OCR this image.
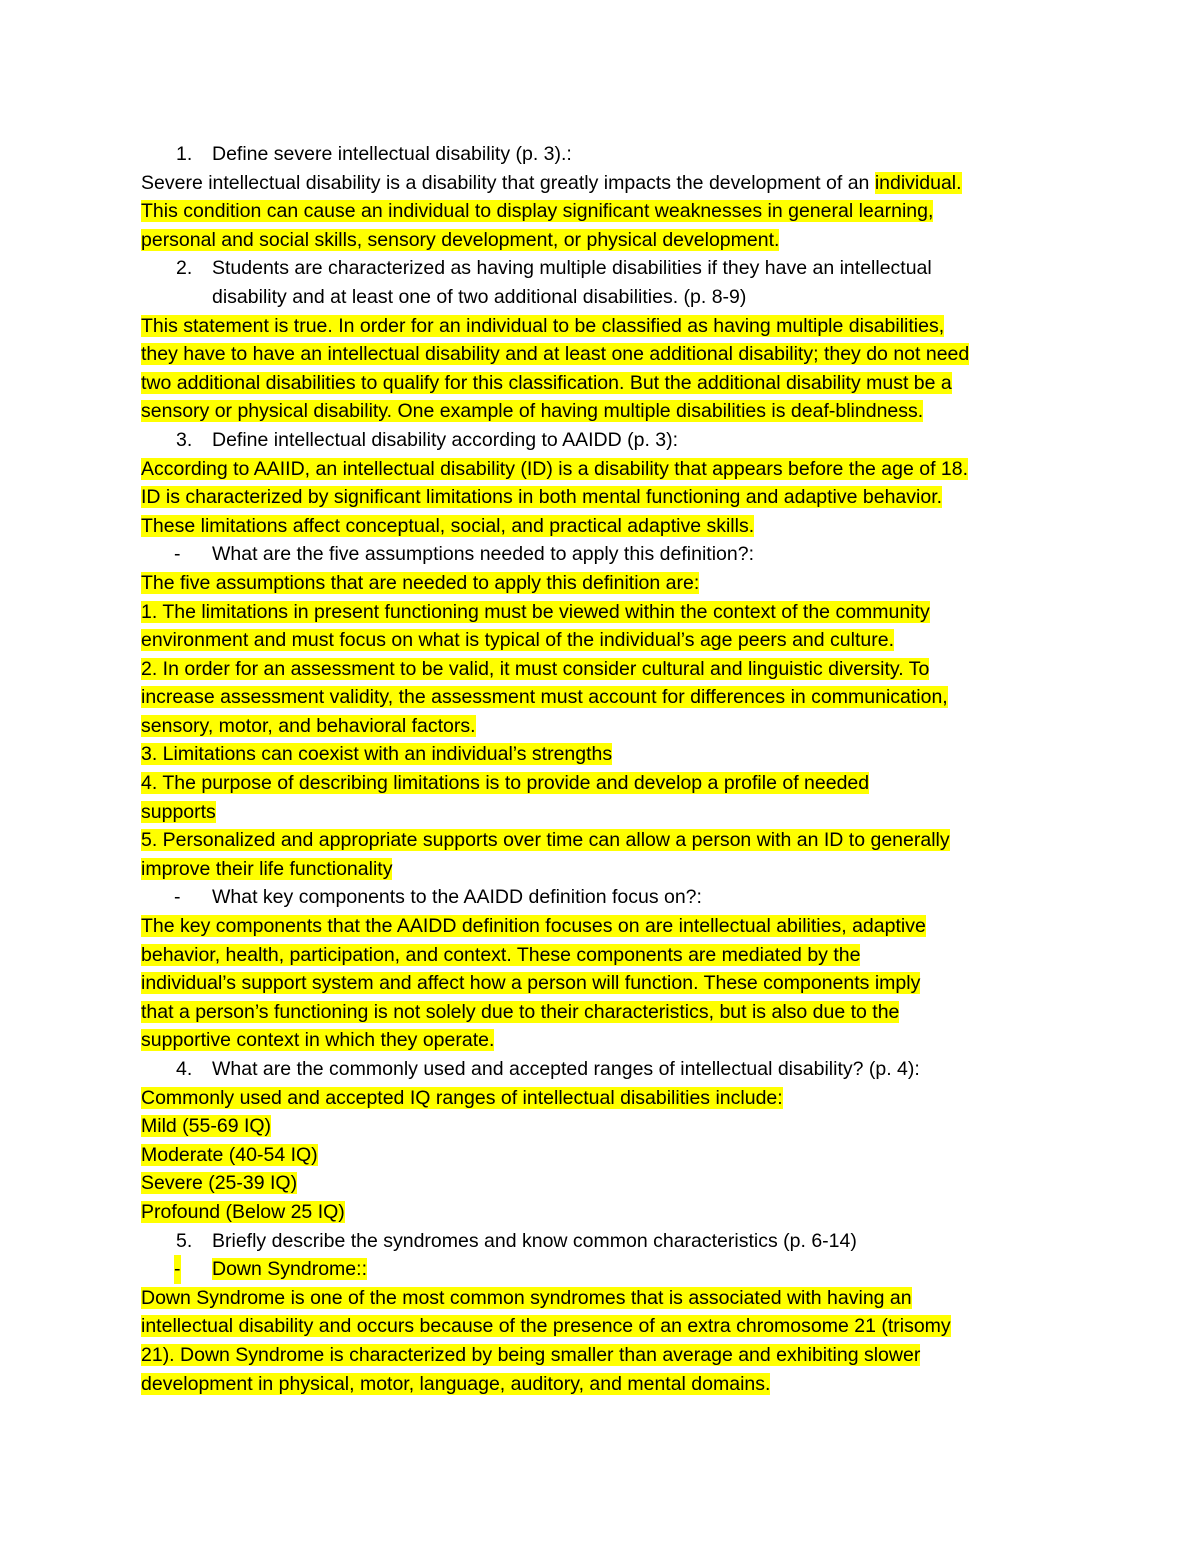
1. Define severe intellectual disability (p. 3).:
Severe intellectual disability is a disability that greatly impacts the development of an individual.
This condition can cause an individual to display significant weaknesses in general learning,
personal and social skills, sensory development, or physical development.
2. Students are characterized as having multiple disabilities if they have an intellectual
disability and at least one of two additional disabilities. (p. 8-9)
This statement is true. In order for an individual to be classified as having multiple disabilities,
they have to have an intellectual disability and at least one additional disability; they do not need
two additional disabilities to qualify for this classification. But the additional disability must be a
sensory or physical disability. One example of having multiple disabilities is deaf-blindness.
3. Define intellectual disability according to AAIDD (p. 3):
According to AAIID, an intellectual disability (ID) is a disability that appears before the age of 18.
ID is characterized by significant limitations in both mental functioning and adaptive behavior.
These limitations affect conceptual, social, and practical adaptive skills.
- What are the five assumptions needed to apply this definition?:
The five assumptions that are needed to apply this definition are:
1. The limitations in present functioning must be viewed within the context of the community
environment and must focus on what is typical of the individual’s age peers and culture.
2. In order for an assessment to be valid, it must consider cultural and linguistic diversity. To
increase assessment validity, the assessment must account for differences in communication,
sensory, motor, and behavioral factors.
3. Limitations can coexist with an individual’s strengths
4. The purpose of describing limitations is to provide and develop a profile of needed
supports
5. Personalized and appropriate supports over time can allow a person with an ID to generally
improve their life functionality
- What key components to the AAIDD definition focus on?:
The key components that the AAIDD definition focuses on are intellectual abilities, adaptive
behavior, health, participation, and context. These components are mediated by the
individual’s support system and affect how a person will function. These components imply
that a person’s functioning is not solely due to their characteristics, but is also due to the
supportive context in which they operate.
4. What are the commonly used and accepted ranges of intellectual disability? (p. 4):
Commonly used and accepted IQ ranges of intellectual disabilities include:
Mild (55-69 IQ)
Moderate (40-54 IQ)
Severe (25-39 IQ)
Profound (Below 25 IQ)
5. Briefly describe the syndromes and know common characteristics (p. 6-14)
- Down Syndrome::
Down Syndrome is one of the most common syndromes that is associated with having an
intellectual disability and occurs because of the presence of an extra chromosome 21 (trisomy
21). Down Syndrome is characterized by being smaller than average and exhibiting slower
development in physical, motor, language, auditory, and mental domains.
